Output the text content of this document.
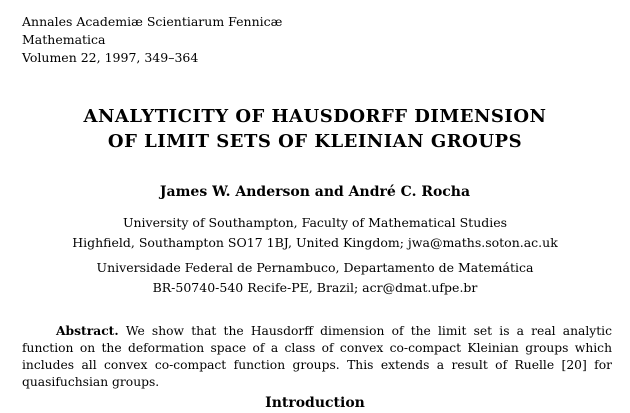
Annales Academiæ Scientiarum Fennicæ
Mathematica
Volumen 22, 1997, 349–364
ANALYTICITY OF HAUSDORFF DIMENSION
OF LIMIT SETS OF KLEINIAN GROUPS
James W. Anderson and André C. Rocha
University of Southampton, Faculty of Mathematical Studies
Highfield, Southampton SO17 1BJ, United Kingdom; jwa@maths.soton.ac.uk
Universidade Federal de Pernambuco, Departamento de Matemática
BR-50740-540 Recife-PE, Brazil; acr@dmat.ufpe.br
Abstract. We show that the Hausdorff dimension of the limit set is a real analytic function on the deformation space of a class of convex co-compact Kleinian groups which includes all convex co-compact function groups. This extends a result of Ruelle [20] for quasifuchsian groups.
Introduction
